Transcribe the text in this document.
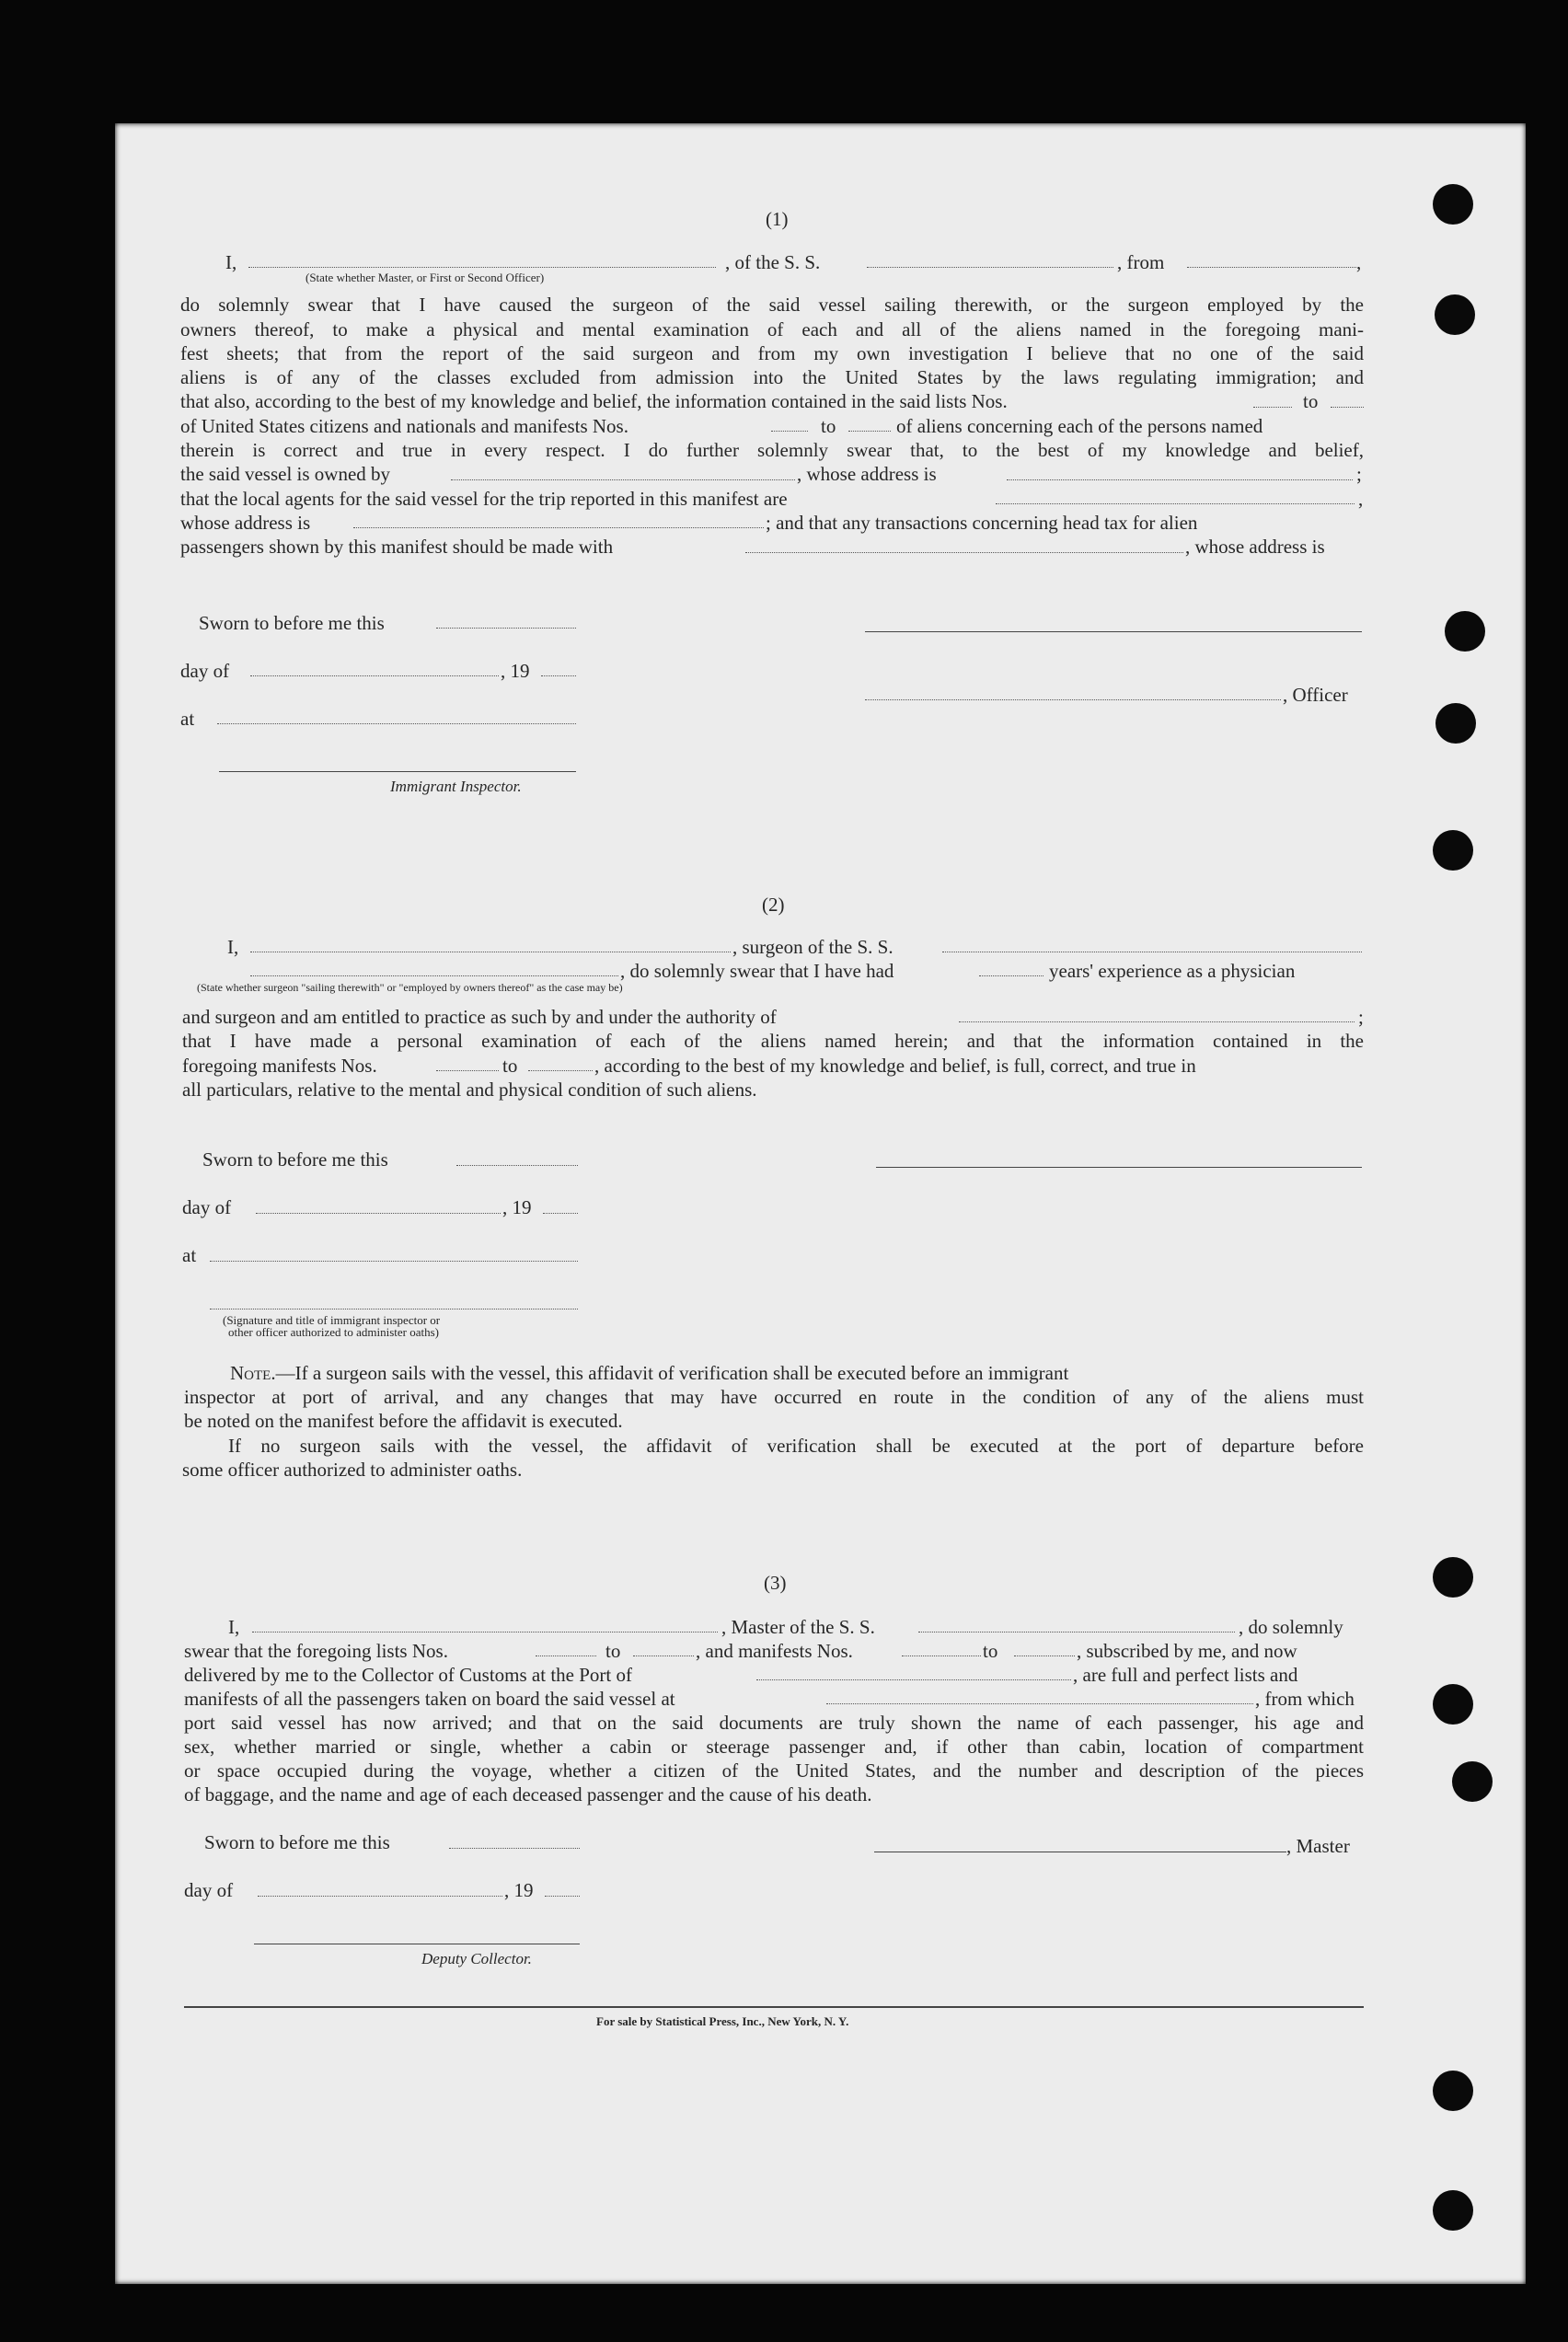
(1)
I,	, of the S. S.	, from	,
(State whether Master, or First or Second Officer)
do solemnly swear that I have caused the surgeon of the said vessel sailing therewith, or the surgeon employed by the
owners thereof, to make a physical and mental examination of each and all of the aliens named in the foregoing mani-
fest sheets; that from the report of the said surgeon and from my own investigation I believe that no one of the said
aliens is of any of the classes excluded from admission into the United States by the laws regulating immigration; and
that also, according to the best of my knowledge and belief, the information contained in the said lists Nos.	to
of United States citizens and nationals and manifests Nos.	to	of aliens concerning each of the persons named
therein is correct and true in every respect. I do further solemnly swear that, to the best of my knowledge and belief,
the said vessel is owned by	, whose address is	;
that the local agents for the said vessel for the trip reported in this manifest are	,
whose address is	; and that any transactions concerning head tax for alien
passengers shown by this manifest should be made with	, whose address is
Sworn to before me this
day of	, 19
at
Immigrant Inspector.
, Officer
(2)
I,	, surgeon of the S. S.
, do solemnly swear that I have had	years' experience as a physician
(State whether surgeon "sailing therewith" or "employed by owners thereof" as the case may be)
and surgeon and am entitled to practice as such by and under the authority of	;
that I have made a personal examination of each of the aliens named herein; and that the information contained in the
foregoing manifests Nos.	to	, according to the best of my knowledge and belief, is full, correct, and true in
all particulars, relative to the mental and physical condition of such aliens.
Sworn to before me this
day of	, 19
at
(Signature and title of immigrant inspector or
other officer authorized to administer oaths)
Note.—If a surgeon sails with the vessel, this affidavit of verification shall be executed before an immigrant
inspector at port of arrival, and any changes that may have occurred en route in the condition of any of the aliens must
be noted on the manifest before the affidavit is executed.
If no surgeon sails with the vessel, the affidavit of verification shall be executed at the port of departure before
some officer authorized to administer oaths.
(3)
I,	, Master of the S. S.	, do solemnly
swear that the foregoing lists Nos.	to	, and manifests Nos.	to	, subscribed by me, and now
delivered by me to the Collector of Customs at the Port of	, are full and perfect lists and
manifests of all the passengers taken on board the said vessel at	, from which
port said vessel has now arrived; and that on the said documents are truly shown the name of each passenger, his age and
sex, whether married or single, whether a cabin or steerage passenger and, if other than cabin, location of compartment
or space occupied during the voyage, whether a citizen of the United States, and the number and description of the pieces
of baggage, and the name and age of each deceased passenger and the cause of his death.
Sworn to before me this
day of	, 19
Deputy Collector.
, Master
For sale by Statistical Press, Inc., New York, N. Y.
